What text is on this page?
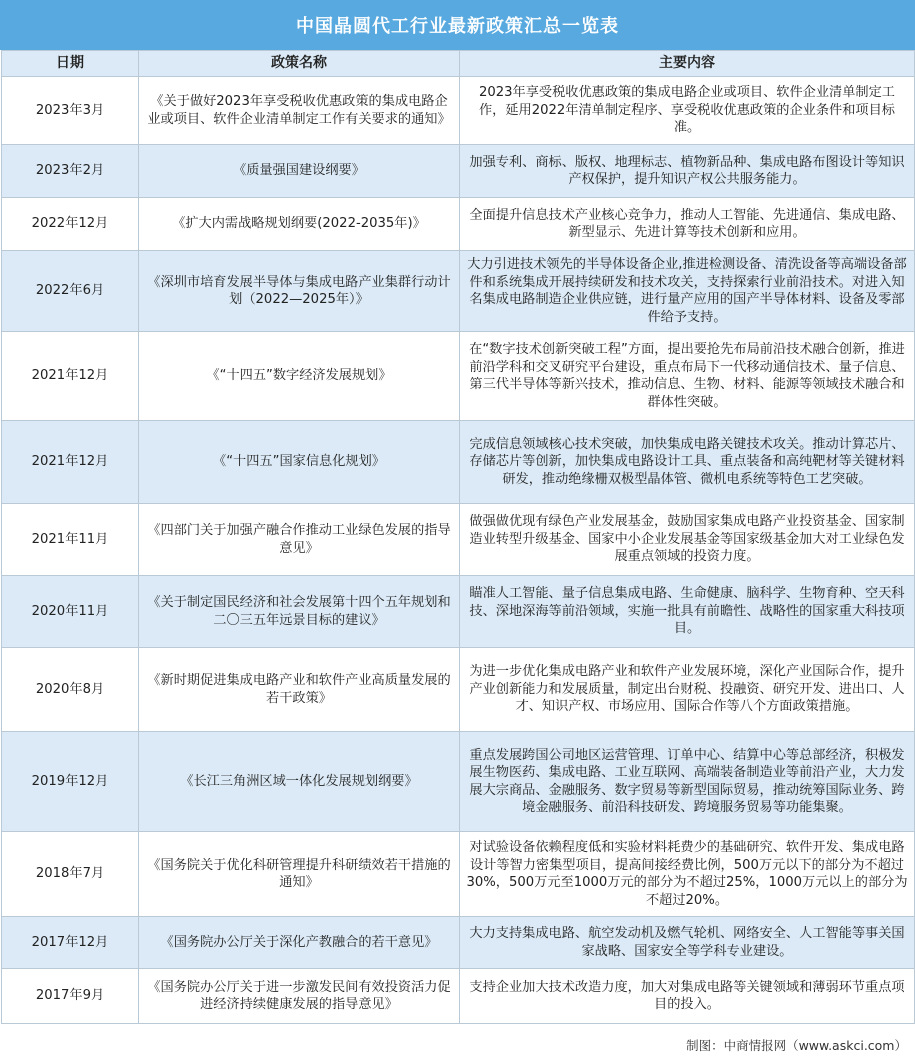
中国晶圆代工行业最新政策汇总一览表
日期	政策名称	主要内容
2023年3月	《关于做好2023年享受税收优惠政策的集成电路企业或项目、软件企业清单制定工作有关要求的通知》	2023年享受税收优惠政策的集成电路企业或项目、软件企业清单制定工作，延用2022年清单制定程序、享受税收优惠政策的企业条件和项目标准。
2023年2月	《质量强国建设纲要》	加强专利、商标、版权、地理标志、植物新品种、集成电路布图设计等知识产权保护，提升知识产权公共服务能力。
2022年12月	《扩大内需战略规划纲要(2022-2035年)》	全面提升信息技术产业核心竞争力，推动人工智能、先进通信、集成电路、新型显示、先进计算等技术创新和应用。
2022年6月	《深圳市培育发展半导体与集成电路产业集群行动计划（2022—2025年）》	大力引进技术领先的半导体设备企业,推进检测设备、清洗设备等高端设备部件和系统集成开展持续研发和技术攻关，支持探索行业前沿技术。对进入知名集成电路制造企业供应链，进行量产应用的国产半导体材料、设备及零部件给予支持。
2021年12月	《“十四五”数字经济发展规划》	在“数字技术创新突破工程”方面，提出要抢先布局前沿技术融合创新，推进前沿学科和交叉研究平台建设，重点布局下一代移动通信技术、量子信息、第三代半导体等新兴技术，推动信息、生物、材料、能源等领域技术融合和群体性突破。
2021年12月	《“十四五”国家信息化规划》	完成信息领域核心技术突破，加快集成电路关键技术攻关。推动计算芯片、存储芯片等创新，加快集成电路设计工具、重点装备和高纯靶材等关键材料研发，推动绝缘栅双极型晶体管、微机电系统等特色工艺突破。
2021年11月	《四部门关于加强产融合作推动工业绿色发展的指导意见》	做强做优现有绿色产业发展基金，鼓励国家集成电路产业投资基金、国家制造业转型升级基金、国家中小企业发展基金等国家级基金加大对工业绿色发展重点领域的投资力度。
2020年11月	《关于制定国民经济和社会发展第十四个五年规划和二〇三五年远景目标的建议》	瞄准人工智能、量子信息集成电路、生命健康、脑科学、生物育种、空天科技、深地深海等前沿领域，实施一批具有前瞻性、战略性的国家重大科技项目。
2020年8月	《新时期促进集成电路产业和软件产业高质量发展的若干政策》	为进一步优化集成电路产业和软件产业发展环境，深化产业国际合作，提升产业创新能力和发展质量，制定出台财税、投融资、研究开发、进出口、人才、知识产权、市场应用、国际合作等八个方面政策措施。
2019年12月	《长江三角洲区域一体化发展规划纲要》	重点发展跨国公司地区运营管理、订单中心、结算中心等总部经济，积极发展生物医药、集成电路、工业互联网、高端装备制造业等前沿产业，大力发展大宗商品、金融服务、数字贸易等新型国际贸易，推动统筹国际业务、跨境金融服务、前沿科技研发、跨境服务贸易等功能集聚。
2018年7月	《国务院关于优化科研管理提升科研绩效若干措施的通知》	对试验设备依赖程度低和实验材料耗费少的基础研究、软件开发、集成电路设计等智力密集型项目，提高间接经费比例，500万元以下的部分为不超过30%，500万元至1000万元的部分为不超过25%，1000万元以上的部分为不超过20%。
2017年12月	《国务院办公厅关于深化产教融合的若干意见》	大力支持集成电路、航空发动机及燃气轮机、网络安全、人工智能等事关国家战略、国家安全等学科专业建设。
2017年9月	《国务院办公厅关于进一步激发民间有效投资活力促进经济持续健康发展的指导意见》	支持企业加大技术改造力度，加大对集成电路等关键领域和薄弱环节重点项目的投入。
制图：中商情报网（www.askci.com）
